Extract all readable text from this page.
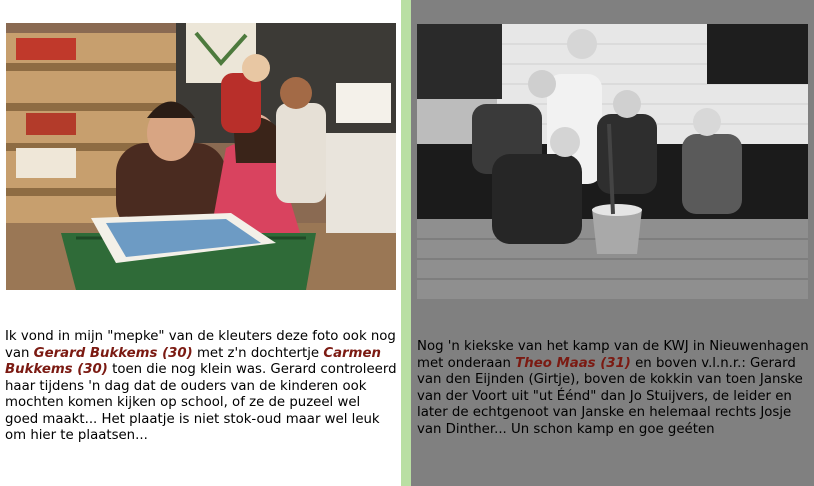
Ik vond in mijn "mepke" van de kleuters deze foto ook nog van Gerard Bukkems (30) met z'n dochtertje Carmen Bukkems (30) toen die nog klein was. Gerard controleerd haar tijdens 'n dag dat de ouders van de kinderen ook mochten komen kijken op school, of ze de puzeel wel goed maakt... Het plaatje is niet stok-oud maar wel leuk om hier te plaatsen...

Nog 'n kiekske van het kamp van de KWJ in Nieuwenhagen met onderaan Theo Maas (31) en boven v.l.n.r.: Gerard van den Eijnden (Girtje), boven de kokkin van toen Janske van der Voort uit "ut Éénd" dan Jo Stuijvers, de leider en later de echtgenoot van Janske en helemaal rechts Josje van Dinther... Un schon kamp en goe geéten
